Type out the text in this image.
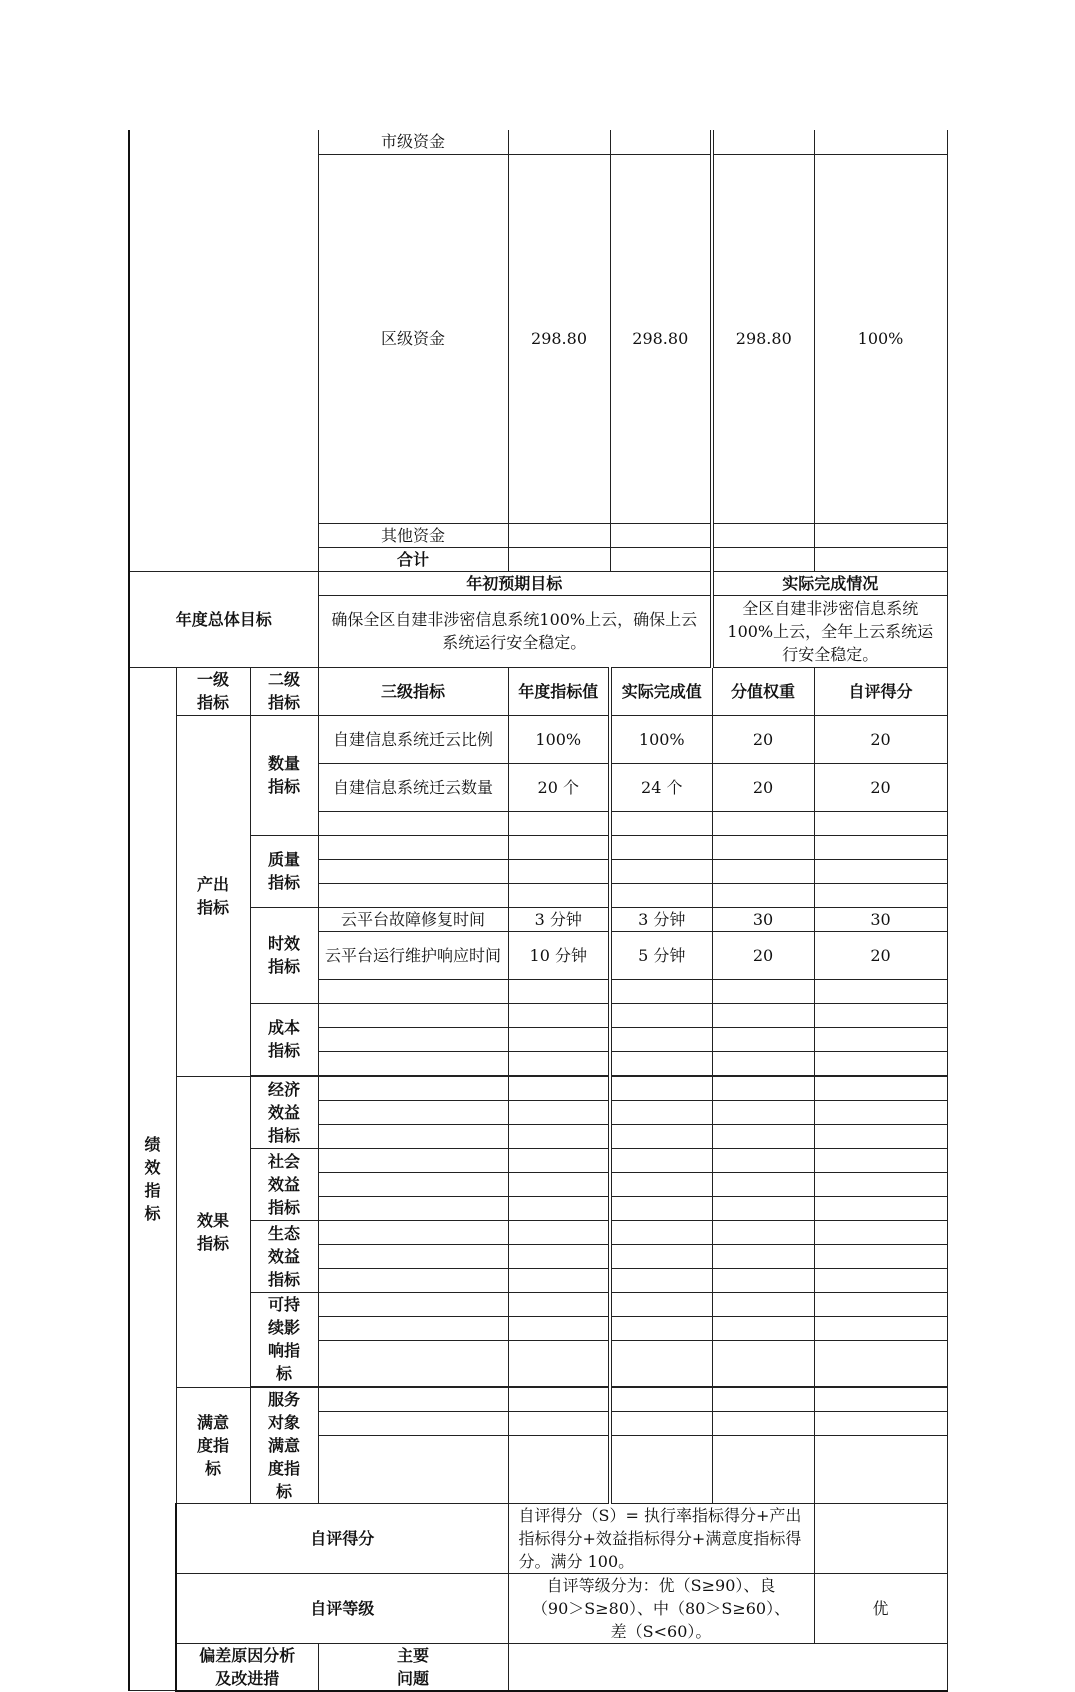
			市级资金					
			区级资金	298.80	298.80	298.80	100%	
			其他资金					
			合计					
年度总体目标			年初预期目标			实际完成情况		
			确保全区自建非涉密信息系统100%上云，确保上云系统运行安全稳定。			全区自建非涉密信息系统100%上云，全年上云系统运行安全稳定。		

绩效指标	一级指标	二级指标	三级指标	年度指标值	实际完成值	分值权重	自评得分	

	产出指标	数量指标	自建信息系统迁云比例	100%	100%	20	20	
			自建信息系统迁云数量	20 个	24 个	20	20	

		质量指标						

		时效指标	云平台故障修复时间	3 分钟	3 分钟	30	30	
			云平台运行维护响应时间	10 分钟	5 分钟	20	20	

		成本指标						

	效果指标	经济效益指标						

		社会效益指标						

		生态效益指标						

		可持续影响指标						

	满意度指标	服务对象满意度指标						

	自评得分			自评得分（S）= 执行率指标得分+产出指标得分+效益指标得分+满意度指标得分。满分 100。		
	自评等级			自评等级分为：优（S≥90）、良（90＞S≥80）、中（80＞S≥60）、差（S<60）。			优	

	偏差原因分析及改进措		主要问题					
